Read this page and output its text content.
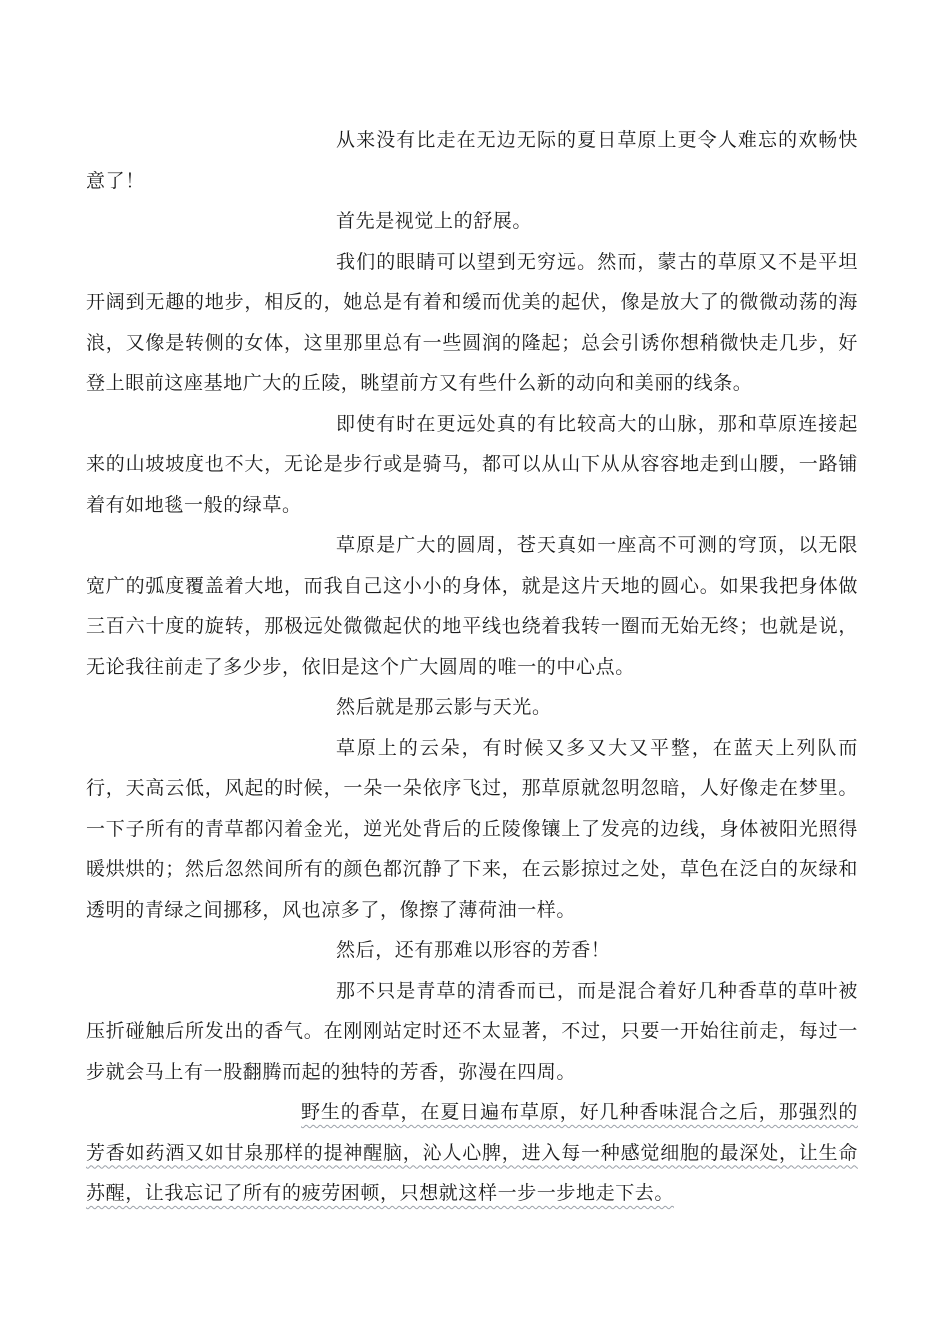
从来没有比走在无边无际的夏日草原上更令人难忘的欢畅快意了！

首先是视觉上的舒展。

我们的眼睛可以望到无穷远。然而，蒙古的草原又不是平坦开阔到无趣的地步，相反的，她总是有着和缓而优美的起伏，像是放大了的微微动荡的海浪，又像是转侧的女体，这里那里总有一些圆润的隆起；总会引诱你想稍微快走几步，好登上眼前这座基地广大的丘陵，眺望前方又有些什么新的动向和美丽的线条。

即使有时在更远处真的有比较高大的山脉，那和草原连接起来的山坡坡度也不大，无论是步行或是骑马，都可以从山下从从容容地走到山腰，一路铺着有如地毯一般的绿草。

草原是广大的圆周，苍天真如一座高不可测的穹顶，以无限宽广的弧度覆盖着大地，而我自己这小小的身体，就是这片天地的圆心。如果我把身体做三百六十度的旋转，那极远处微微起伏的地平线也绕着我转一圈而无始无终；也就是说，无论我往前走了多少步，依旧是这个广大圆周的唯一的中心点。

然后就是那云影与天光。

草原上的云朵，有时候又多又大又平整，在蓝天上列队而行，天高云低，风起的时候，一朵一朵依序飞过，那草原就忽明忽暗，人好像走在梦里。一下子所有的青草都闪着金光，逆光处背后的丘陵像镶上了发亮的边线，身体被阳光照得暖烘烘的；然后忽然间所有的颜色都沉静了下来，在云影掠过之处，草色在泛白的灰绿和透明的青绿之间挪移，风也凉多了，像擦了薄荷油一样。

然后，还有那难以形容的芳香！

那不只是青草的清香而已，而是混合着好几种香草的草叶被压折碰触后所发出的香气。在刚刚站定时还不太显著，不过，只要一开始往前走，每过一步就会马上有一股翻腾而起的独特的芳香，弥漫在四周。

野生的香草，在夏日遍布草原，好几种香味混合之后，那强烈的芳香如药酒又如甘泉那样的提神醒脑，沁人心脾，进入每一种感觉细胞的最深处，让生命苏醒，让我忘记了所有的疲劳困顿，只想就这样一步一步地走下去。
